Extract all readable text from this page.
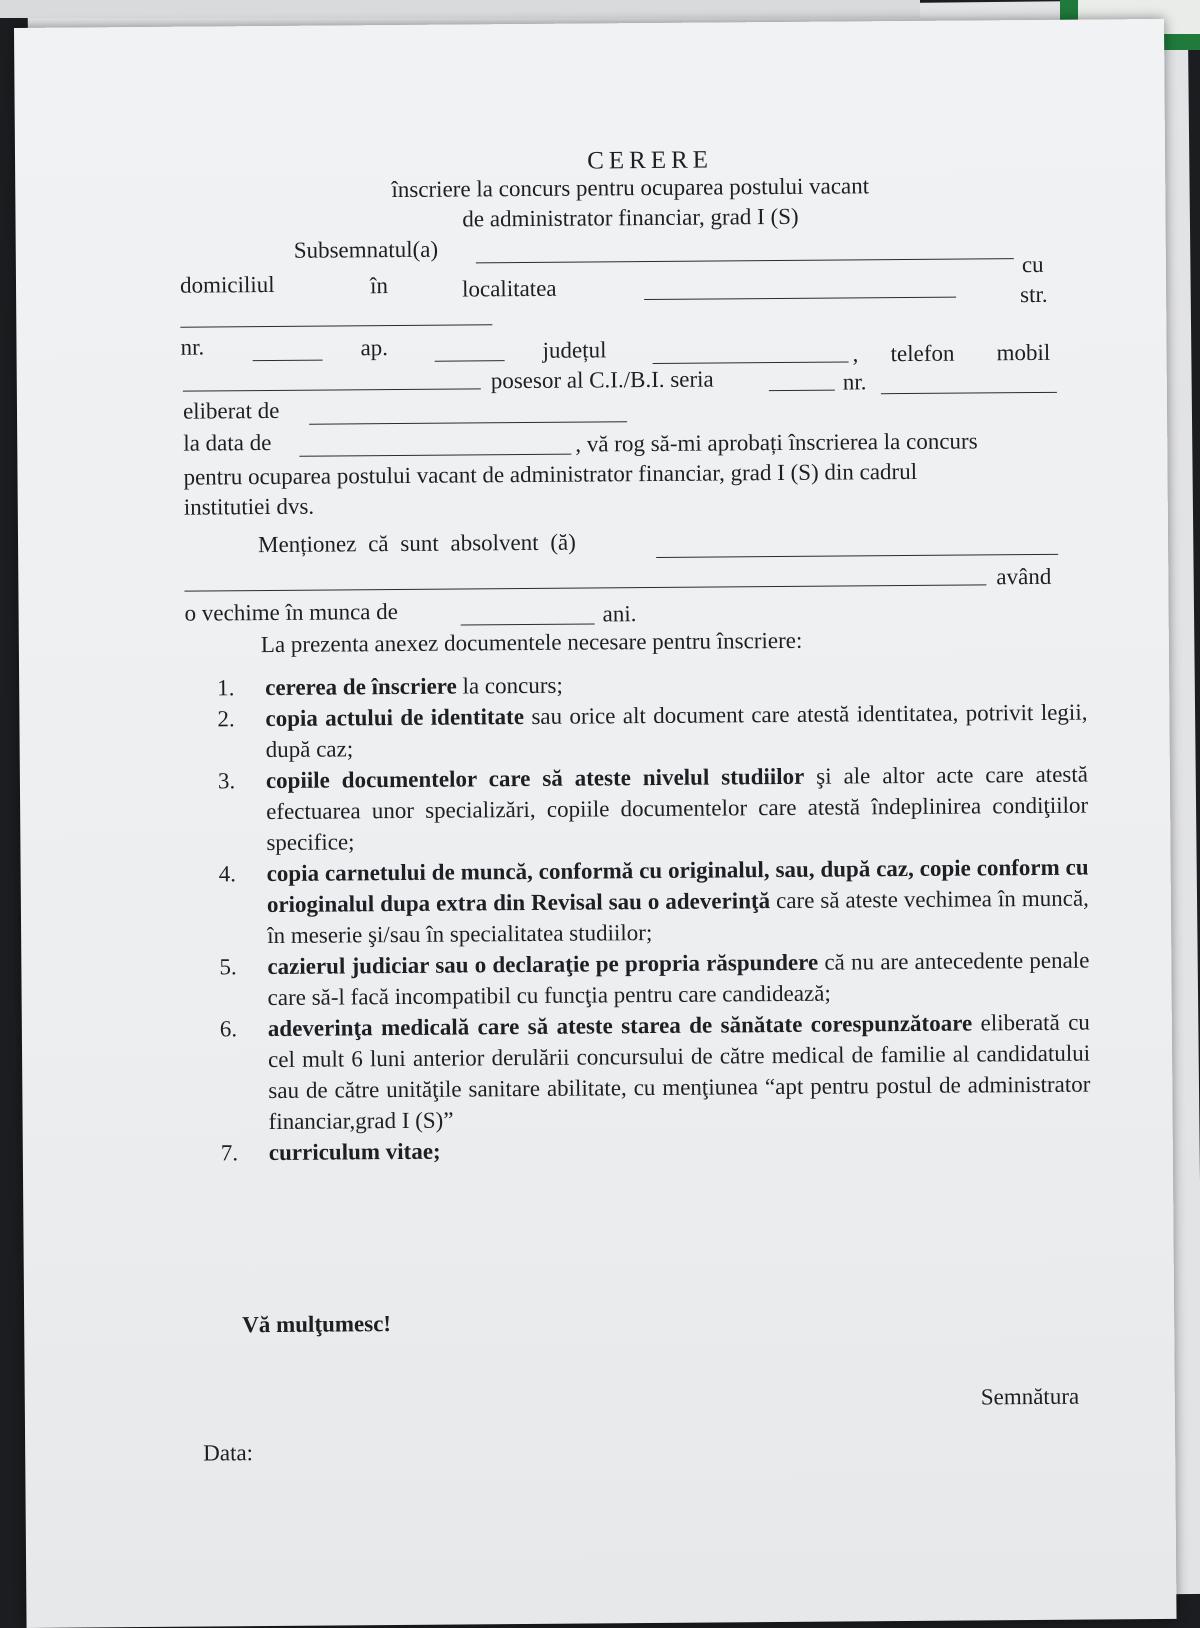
CERERE
înscriere la concurs pentru ocuparea postului vacant
de administrator financiar, grad I (S)
Subsemnatul(a)
cu
domiciliul	în	localitatea	str.
nr.	ap.	județul	, telefon mobil
posesor al C.I./B.I. seria	nr.
eliberat de
la data de	, vă rog să-mi aprobați înscrierea la concurs
pentru ocuparea postului vacant de administrator financiar, grad I (S) din cadrul
institutiei dvs.
Menționez că sunt absolvent (ă)
având
o vechime în munca de	ani.
La prezenta anexez documentele necesare pentru înscriere:
1. cererea de înscriere la concurs;
2. copia actului de identitate sau orice alt document care atestă identitatea, potrivit legii, după caz;
3. copiile documentelor care să ateste nivelul studiilor şi ale altor acte care atestă efectuarea unor specializări, copiile documentelor care atestă îndeplinirea condiţiilor specifice;
4. copia carnetului de muncă, conformă cu originalul, sau, după caz, copie conform cu orioginalul dupa extra din Revisal sau o adeverinţă care să ateste vechimea în muncă, în meserie şi/sau în specialitatea studiilor;
5. cazierul judiciar sau o declaraţie pe propria răspundere că nu are antecedente penale care să-l facă incompatibil cu funcţia pentru care candidează;
6. adeverinţa medicală care să ateste starea de sănătate corespunzătoare eliberată cu cel mult 6 luni anterior derulării concursului de către medical de familie al candidatului sau de către unităţile sanitare abilitate, cu menţiunea “apt pentru postul de administrator financiar,grad I (S)”
7. curriculum vitae;
Vă mulţumesc!
Semnătura
Data:
